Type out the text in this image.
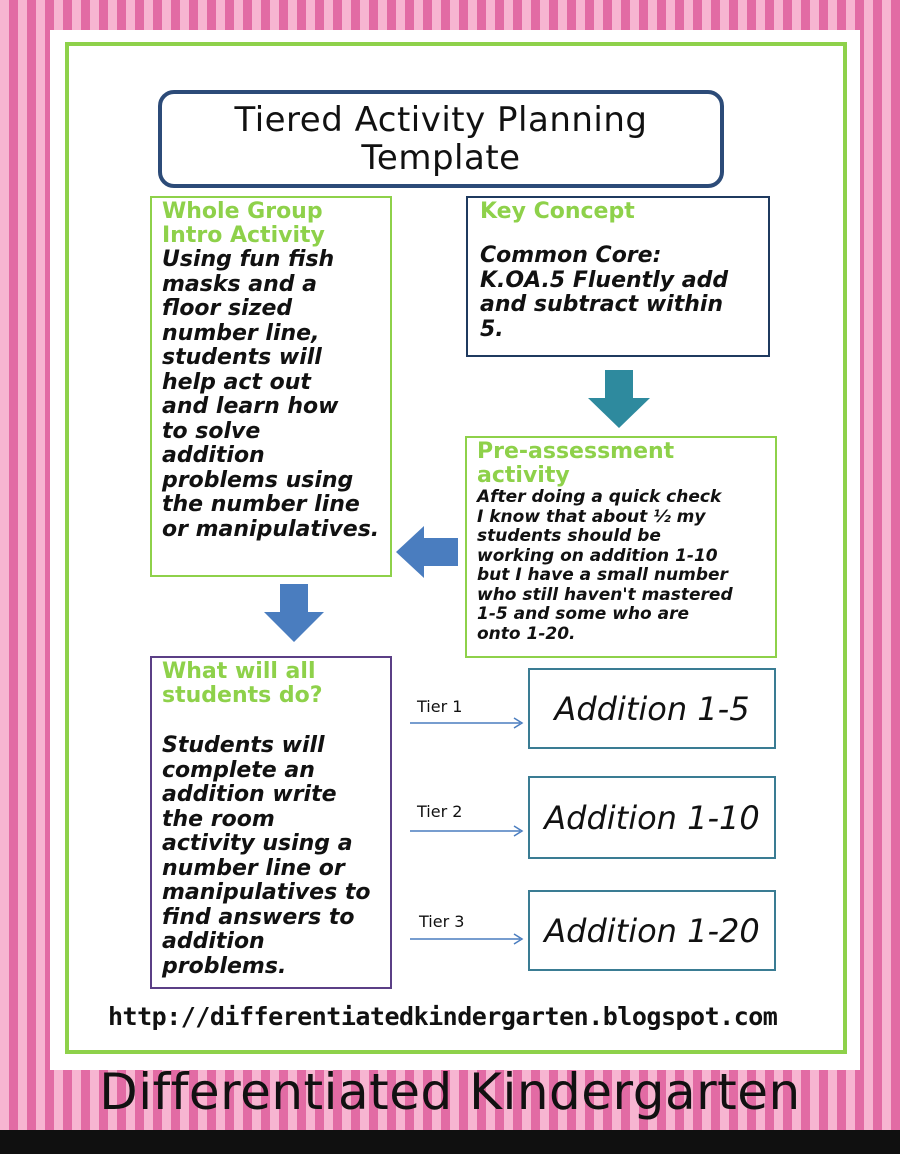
Tiered Activity Planning
Template
Whole Group
Intro Activity
Using fun fish
masks and a
floor sized
number line,
students will
help act out
and learn how
to solve
addition
problems using
the number line
or manipulatives.
Key Concept
Common Core:
K.OA.5 Fluently add
and subtract within
5.
Pre-assessment
activity
After doing a quick check
I know that about ½ my
students should be
working on addition 1-10
but I have a small number
who still haven't mastered
1-5 and some who are
onto 1-20.
What will all
students do?
Students will
complete an
addition write
the room
activity using a
number line or
manipulatives to
find answers to
addition
problems.
Tier 1
Tier 2
Tier 3
Addition 1-5
Addition 1-10
Addition 1-20
http://differentiatedkindergarten.blogspot.com
Differentiated Kindergarten
